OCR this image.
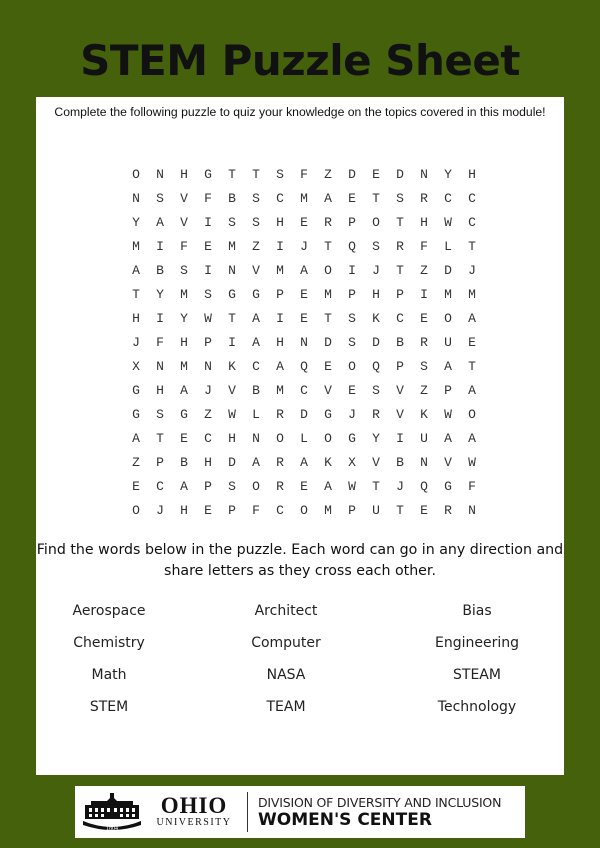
STEM Puzzle Sheet
Complete the following puzzle to quiz your knowledge on the topics covered in this module!
O	N	H	G	T	T	S	F	Z	D	E	D	N	Y	H
N	S	V	F	B	S	C	M	A	E	T	S	R	C	C
Y	A	V	I	S	S	H	E	R	P	O	T	H	W	C
M	I	F	E	M	Z	I	J	T	Q	S	R	F	L	T
A	B	S	I	N	V	M	A	O	I	J	T	Z	D	J
T	Y	M	S	G	G	P	E	M	P	H	P	I	M	M
H	I	Y	W	T	A	I	E	T	S	K	C	E	O	A
J	F	H	P	I	A	H	N	D	S	D	B	R	U	E
X	N	M	N	K	C	A	Q	E	O	Q	P	S	A	T
G	H	A	J	V	B	M	C	V	E	S	V	Z	P	A
G	S	G	Z	W	L	R	D	G	J	R	V	K	W	O
A	T	E	C	H	N	O	L	O	G	Y	I	U	A	A
Z	P	B	H	D	A	R	A	K	X	V	B	N	V	W
E	C	A	P	S	O	R	E	A	W	T	J	Q	G	F
O	J	H	E	P	F	C	O	M	P	U	T	E	R	N
Find the words below in the puzzle. Each word can go in any direction and share letters as they cross each other.
Aerospace	Architect	Bias
Chemistry	Computer	Engineering
Math	NASA	STEAM
STEM	TEAM	Technology
1804
OHIO
UNIVERSITY
DIVISION OF DIVERSITY AND INCLUSION
WOMEN'S CENTER
